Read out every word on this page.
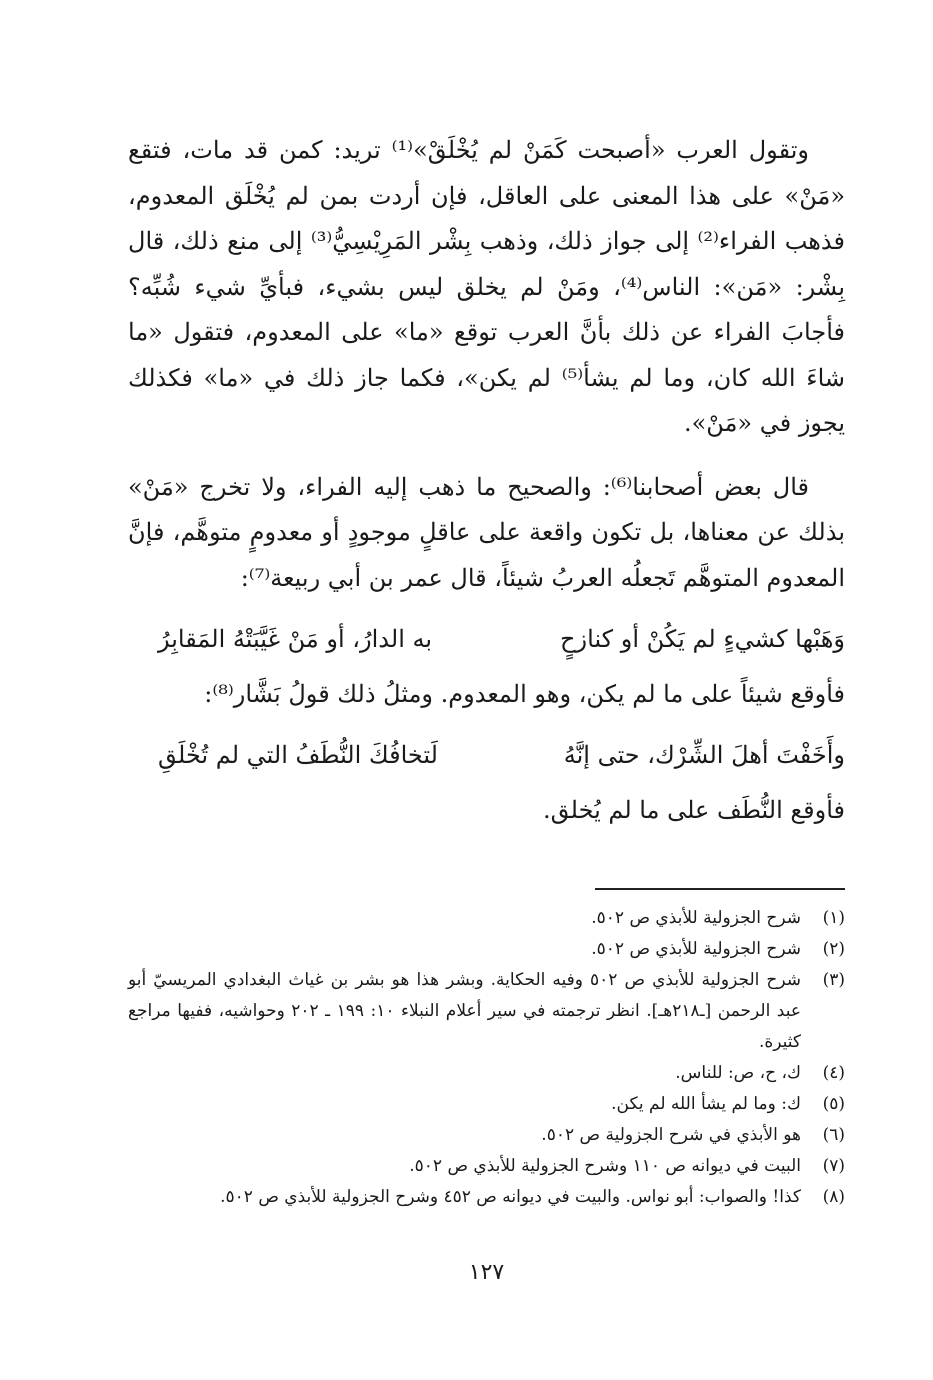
وتقول العرب «أصبحت كَمَنْ لم يُخْلَقْ»⁽¹⁾ تريد: كمن قد مات، فتقع «مَنْ» على هذا المعنى على العاقل، فإن أردت بمن لم يُخْلَق المعدوم، فذهب الفراء⁽²⁾ إلى جواز ذلك، وذهب بِشْر المَرِيْسِيُّ⁽³⁾ إلى منع ذلك، قال بِشْر: «مَن»: الناس⁽⁴⁾، ومَنْ لم يخلق ليس بشيء، فبأيِّ شيء شُبِّه؟ فأجابَ الفراء عن ذلك بأنَّ العرب توقع «ما» على المعدوم، فتقول «ما شاءَ الله كان، وما لم يشأ⁽⁵⁾ لم يكن»، فكما جاز ذلك في «ما» فكذلك يجوز في «مَنْ».

قال بعض أصحابنا⁽⁶⁾: والصحيح ما ذهب إليه الفراء، ولا تخرج «مَنْ» بذلك عن معناها، بل تكون واقعة على عاقلٍ موجودٍ أو معدومٍ متوهَّم، فإنَّ المعدوم المتوهَّم تَجعلُه العربُ شيئاً، قال عمر بن أبي ربيعة⁽⁷⁾:

وَهَبْها كشيءٍ لم يَكُنْ أو كنازحٍ
به الدارُ، أو مَنْ غَيَّبَتْهُ المَقابِرُ

فأوقع شيئاً على ما لم يكن، وهو المعدوم. ومثلُ ذلك قولُ بَشَّار⁽⁸⁾:

وأَخَفْتَ أهلَ الشِّرْك، حتى إنَّهُ
لَتخافُكَ النُّطَفُ التي لم تُخْلَقِ

فأوقع النُّطَف على ما لم يُخلق.

(١)
شرح الجزولية للأبذي ص ٥٠٢.
(٢)
شرح الجزولية للأبذي ص ٥٠٢.
(٣)
شرح الجزولية للأبذي ص ٥٠٢ وفيه الحكاية. وبشر هذا هو بشر بن غياث البغدادي المريسيّ أبو عبد الرحمن [ـ٢١٨هـ]. انظر ترجمته في سير أعلام النبلاء ١٠: ١٩٩ ـ ٢٠٢ وحواشيه، ففيها مراجع كثيرة.
(٤)
ك، ح، ص: للناس.
(٥)
ك: وما لم يشأ الله لم يكن.
(٦)
هو الأبذي في شرح الجزولية ص ٥٠٢.
(٧)
البيت في ديوانه ص ١١٠ وشرح الجزولية للأبذي ص ٥٠٢.
(٨)
كذا! والصواب: أبو نواس. والبيت في ديوانه ص ٤٥٢ وشرح الجزولية للأبذي ص ٥٠٢.
١٢٧
